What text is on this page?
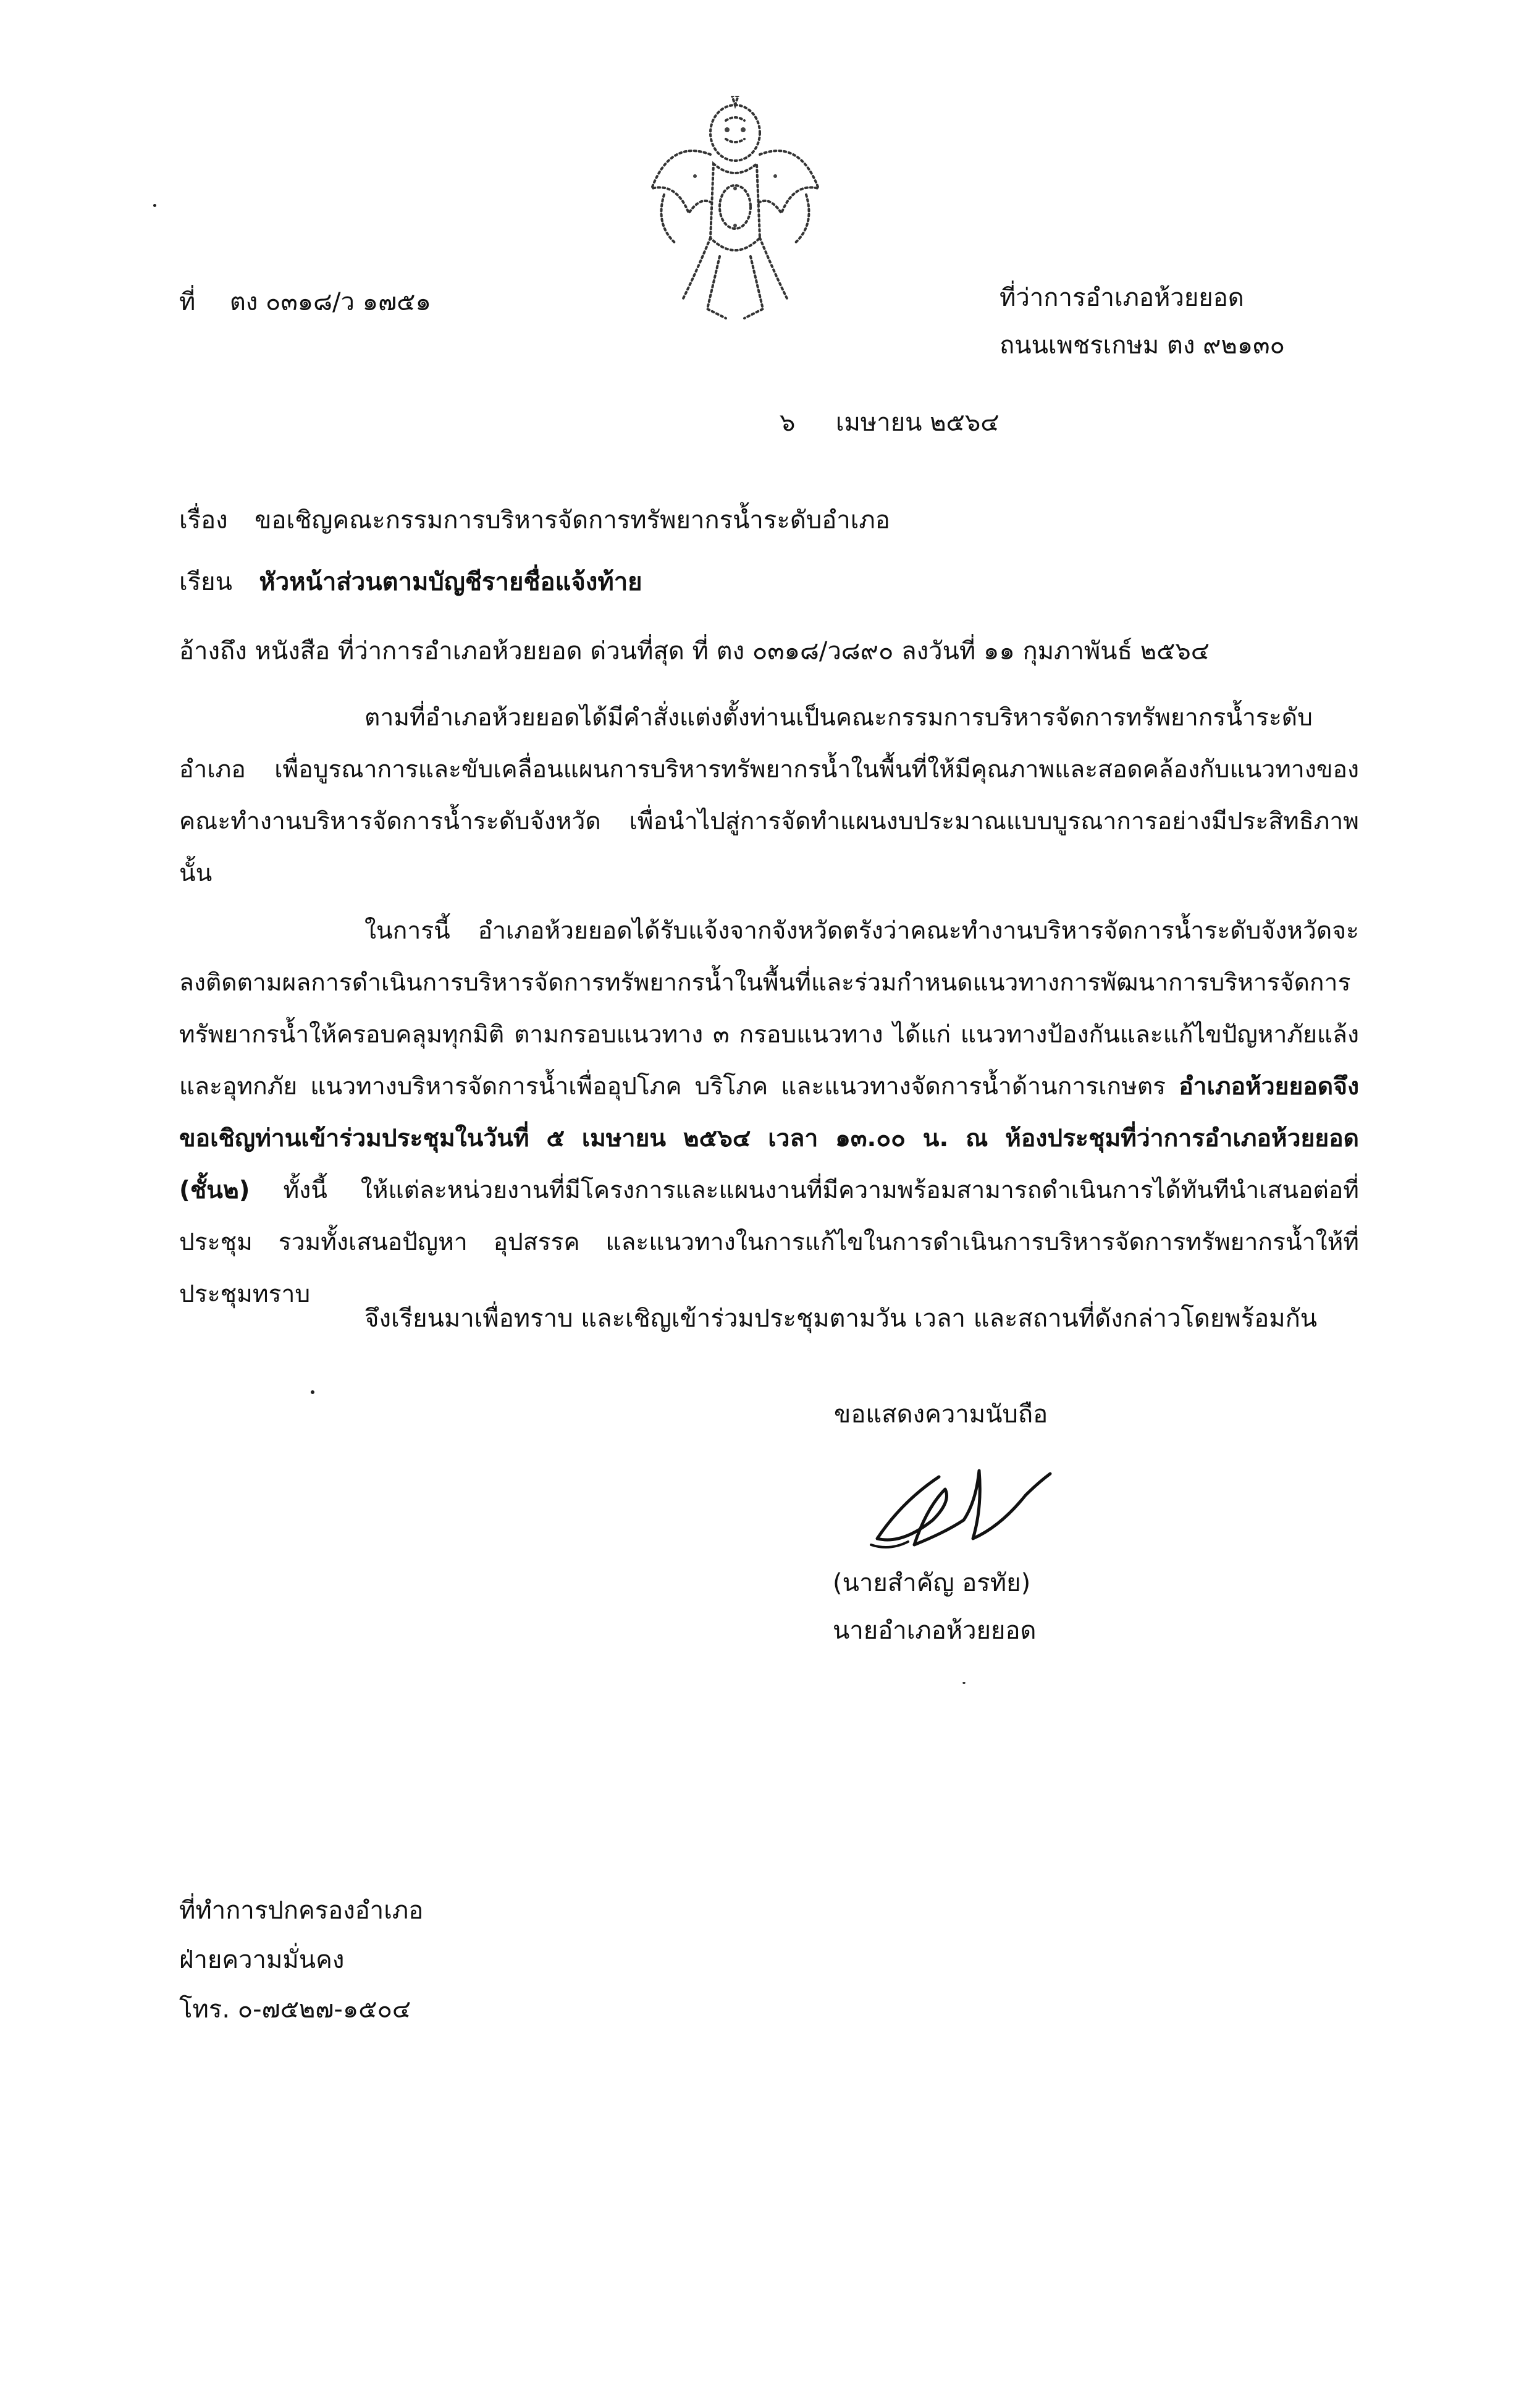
ที่ ตง ๐๓๑๘/ว ๑๗๕๑	ที่ว่าการอำเภอห้วยยอด
ถนนเพชรเกษม ตง ๙๒๑๓๐
๖ เมษายน ๒๕๖๔
เรื่อง ขอเชิญคณะกรรมการบริหารจัดการทรัพยากรน้ำระดับอำเภอ
เรียน หัวหน้าส่วนตามบัญชีรายชื่อแจ้งท้าย
อ้างถึง หนังสือ ที่ว่าการอำเภอห้วยยอด ด่วนที่สุด ที่ ตง ๐๓๑๘/ว๘๙๐ ลงวันที่ ๑๑ กุมภาพันธ์ ๒๕๖๔
ตามที่อำเภอห้วยยอดได้มีคำสั่งแต่งตั้งท่านเป็นคณะกรรมการบริหารจัดการทรัพยากรน้ำระดับอำเภอ เพื่อบูรณาการและขับเคลื่อนแผนการบริหารทรัพยากรน้ำในพื้นที่ให้มีคุณภาพและสอดคล้องกับแนวทางของคณะทำงานบริหารจัดการน้ำระดับจังหวัด เพื่อนำไปสู่การจัดทำแผนงบประมาณแบบบูรณาการอย่างมีประสิทธิภาพ นั้น
ในการนี้ อำเภอห้วยยอดได้รับแจ้งจากจังหวัดตรังว่าคณะทำงานบริหารจัดการน้ำระดับจังหวัดจะลงติดตามผลการดำเนินการบริหารจัดการทรัพยากรน้ำในพื้นที่และร่วมกำหนดแนวทางการพัฒนาการบริหารจัดการทรัพยากรน้ำให้ครอบคลุมทุกมิติ ตามกรอบแนวทาง ๓ กรอบแนวทาง ได้แก่ แนวทางป้องกันและแก้ไขปัญหาภัยแล้งและอุทกภัย แนวทางบริหารจัดการน้ำเพื่ออุปโภค บริโภค และแนวทางจัดการน้ำด้านการเกษตร อำเภอห้วยยอดจึงขอเชิญท่านเข้าร่วมประชุมในวันที่ ๕ เมษายน ๒๕๖๔ เวลา ๑๓.๐๐ น. ณ ห้องประชุมที่ว่าการอำเภอห้วยยอด (ชั้น๒) ทั้งนี้ ให้แต่ละหน่วยงานที่มีโครงการและแผนงานที่มีความพร้อมสามารถดำเนินการได้ทันทีนำเสนอต่อที่ประชุม รวมทั้งเสนอปัญหา อุปสรรค และแนวทางในการแก้ไขในการดำเนินการบริหารจัดการทรัพยากรน้ำให้ที่ประชุมทราบ
จึงเรียนมาเพื่อทราบ และเชิญเข้าร่วมประชุมตามวัน เวลา และสถานที่ดังกล่าวโดยพร้อมกัน
ขอแสดงความนับถือ
(นายสำคัญ อรทัย)
นายอำเภอห้วยยอด
ที่ทำการปกครองอำเภอ
ฝ่ายความมั่นคง
โทร. ๐-๗๕๒๗-๑๕๐๔
